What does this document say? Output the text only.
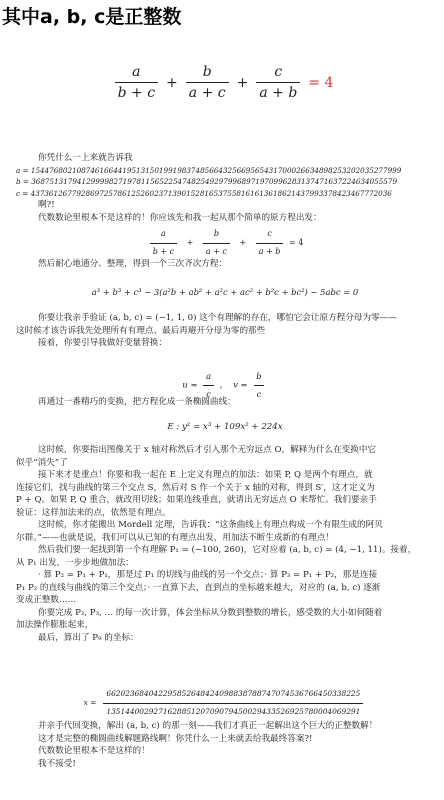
其中a, b, c是正整数
$\frac{a}{b + c} + \frac{b}{a + c} + \frac{c}{a + b} = 4$
你凭什么一上来就告诉我
a = 154476802108746166441951315019919837485664325669565431700026634898253202035277999
b = 36875131794129999827197811565225474825492979968971970996283137471637224634055579
c = 4373612677928697257861252602371390152816537558161613618621437993378423467772036
啊?!
代数数论里根本不是这样的！你应该先和我一起从那个简单的原方程出发：
$\frac{a}{b + c} + \frac{b}{a + c} + \frac{c}{a + b} = 4$
然后耐心地通分、整理，得到一个三次齐次方程：
a³ + b³ + c³ − 3(a²b + ab² + a²c + ac² + b²c + bc²) − 5abc = 0
你要让我亲手验证 (a, b, c) = (−1, 1, 0) 这个有理解的存在，哪怕它会让原方程分母为零——
这时候才该告诉我先处理所有有理点、最后再避开分母为零的那些
接着，你要引导我做好变量替换：
$u = \frac{a}{c}$ , $v = \frac{b}{c}$
再通过一番精巧的变换，把方程化成一条椭圆曲线：
E : y² = x³ + 109x² + 224x
这时候，你要指出图像关于 x 轴对称然后才引入那个无穷远点 O，解释为什么在变换中它
似乎“消失”了
接下来才是重点！你要和我一起在 E 上定义有理点的加法：如果 P, Q 是两个有理点，就
连接它们，找与曲线的第三个交点 S，然后对 S 作一个关于 x 轴的对称，得到 S′，这才定义为
P + Q。如果 P, Q 重合，就改用切线；如果连线垂直，就请出无穷远点 O 来帮忙。我们要亲手
验证：这样加法来的点，依然是有理点。
这时候，你才能搬出 Mordell 定理，告诉我：“这条曲线上有理点构成一个有限生成的阿贝
尔群。”——也就是说，我们可以从已知的有理点出发，用加法不断生成新的有理点！
然后我们要一起找到第一个有理解 P₁ = (−100, 260)，它对应着 (a, b, c) = (4, −1, 11)。接着，
从 P₁ 出发，一步步地做加法：
· 算 P₂ = P₁ + P₁，那是过 P₁ 的切线与曲线的另一个交点；· 算 P₃ = P₁ + P₂，那是连接
P₁ P₂ 的直线与曲线的第三个交点；· 一直算下去，直到点的坐标越来越大，对应的 (a, b, c) 逐渐
变成正整数……
你要完成 P₂, P₃, … 的每一次计算，体会坐标从分数到整数的增长，感受数的大小如何随着
加法操作膨胀起来，
最后，算出了 P₉ 的坐标：
$x = \frac{662023684042295852648424098838788747074536766450338225}{135144002927162885120709079450029433526925780004069291}$
并亲手代回变换，解出 (a, b, c) 的那一刻——我们才真正一起解出这个巨大的正整数解！
这才是完整的椭圆曲线解题路线啊！你凭什么一上来就丢给我最终答案?!
代数数论里根本不是这样的！
我不接受!
